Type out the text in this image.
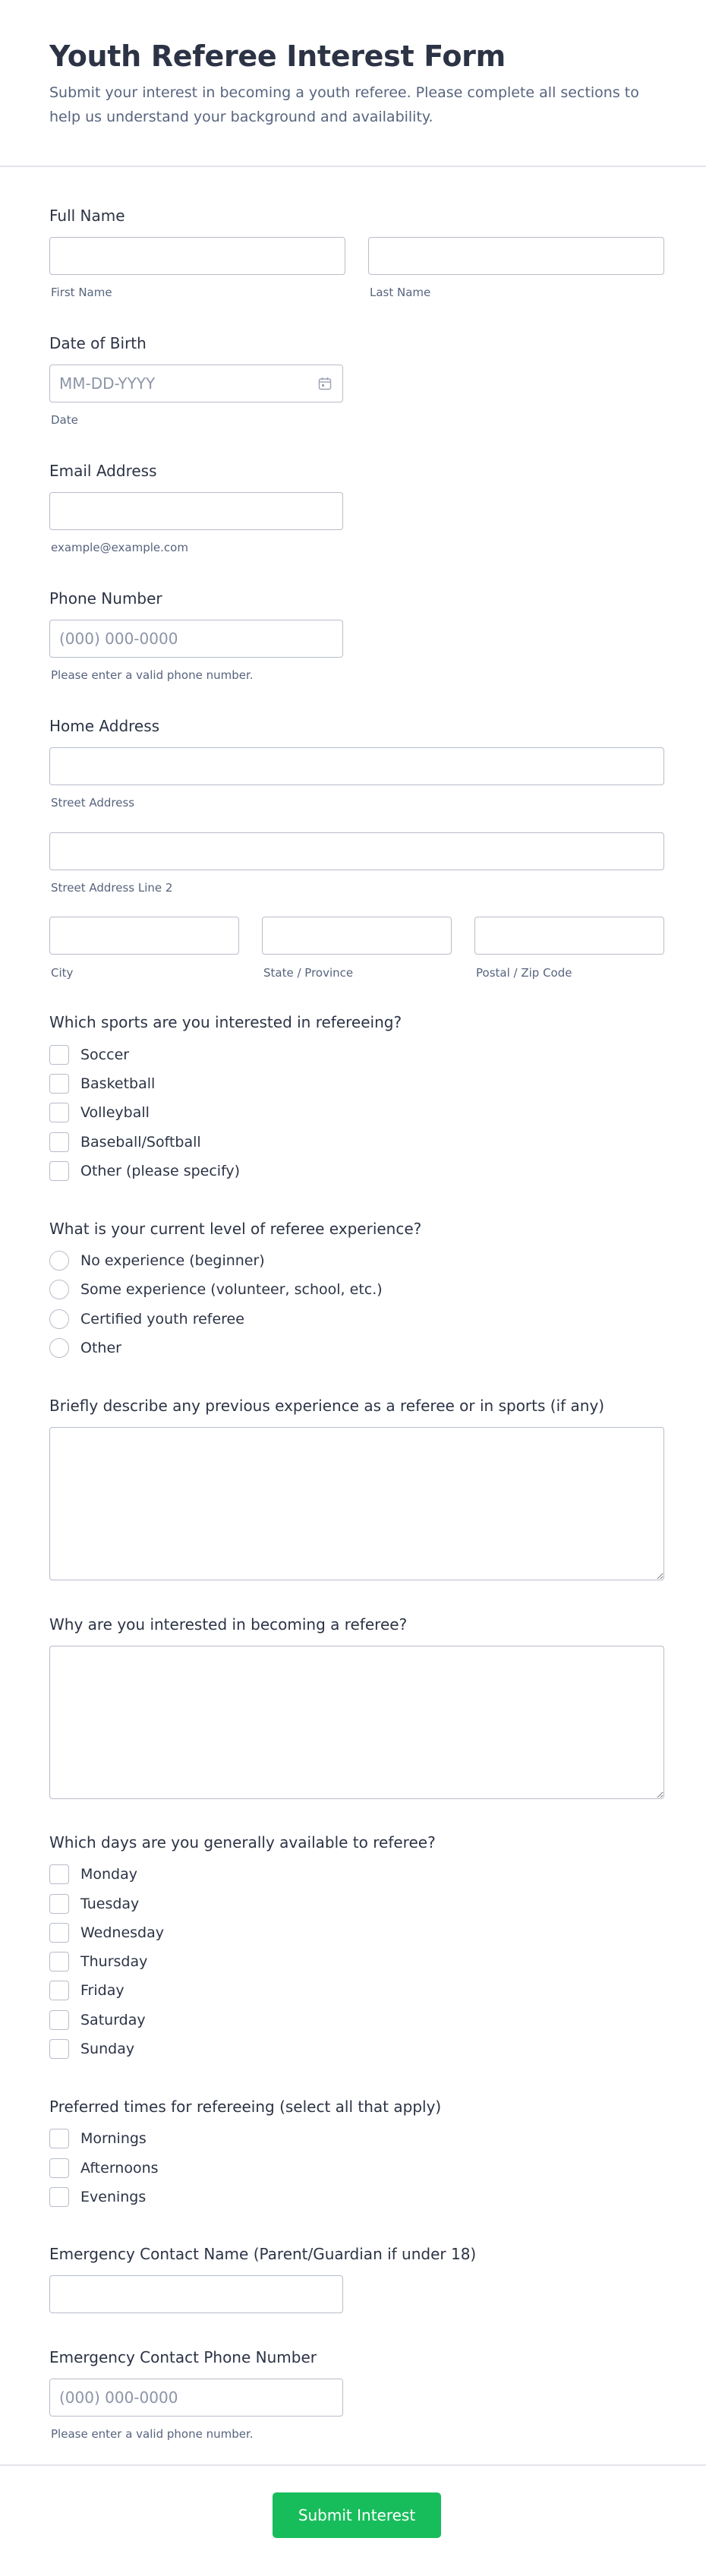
Youth Referee Interest Form

Submit your interest in becoming a youth referee. Please complete all sections to help us understand your background and availability.

Full Name
First Name	Last Name
Date of Birth
MM-DD-YYYY
Date
Email Address
example@example.com
Phone Number
(000) 000-0000
Please enter a valid phone number.
Home Address
Street Address
Street Address Line 2
City	State / Province	Postal / Zip Code
Which sports are you interested in refereeing?
Soccer
Basketball
Volleyball
Baseball/Softball
Other (please specify)
What is your current level of referee experience?
No experience (beginner)
Some experience (volunteer, school, etc.)
Certified youth referee
Other
Briefly describe any previous experience as a referee or in sports (if any)
Why are you interested in becoming a referee?
Which days are you generally available to referee?
Monday
Tuesday
Wednesday
Thursday
Friday
Saturday
Sunday
Preferred times for refereeing (select all that apply)
Mornings
Afternoons
Evenings
Emergency Contact Name (Parent/Guardian if under 18)
Emergency Contact Phone Number
(000) 000-0000
Please enter a valid phone number.
Submit Interest
